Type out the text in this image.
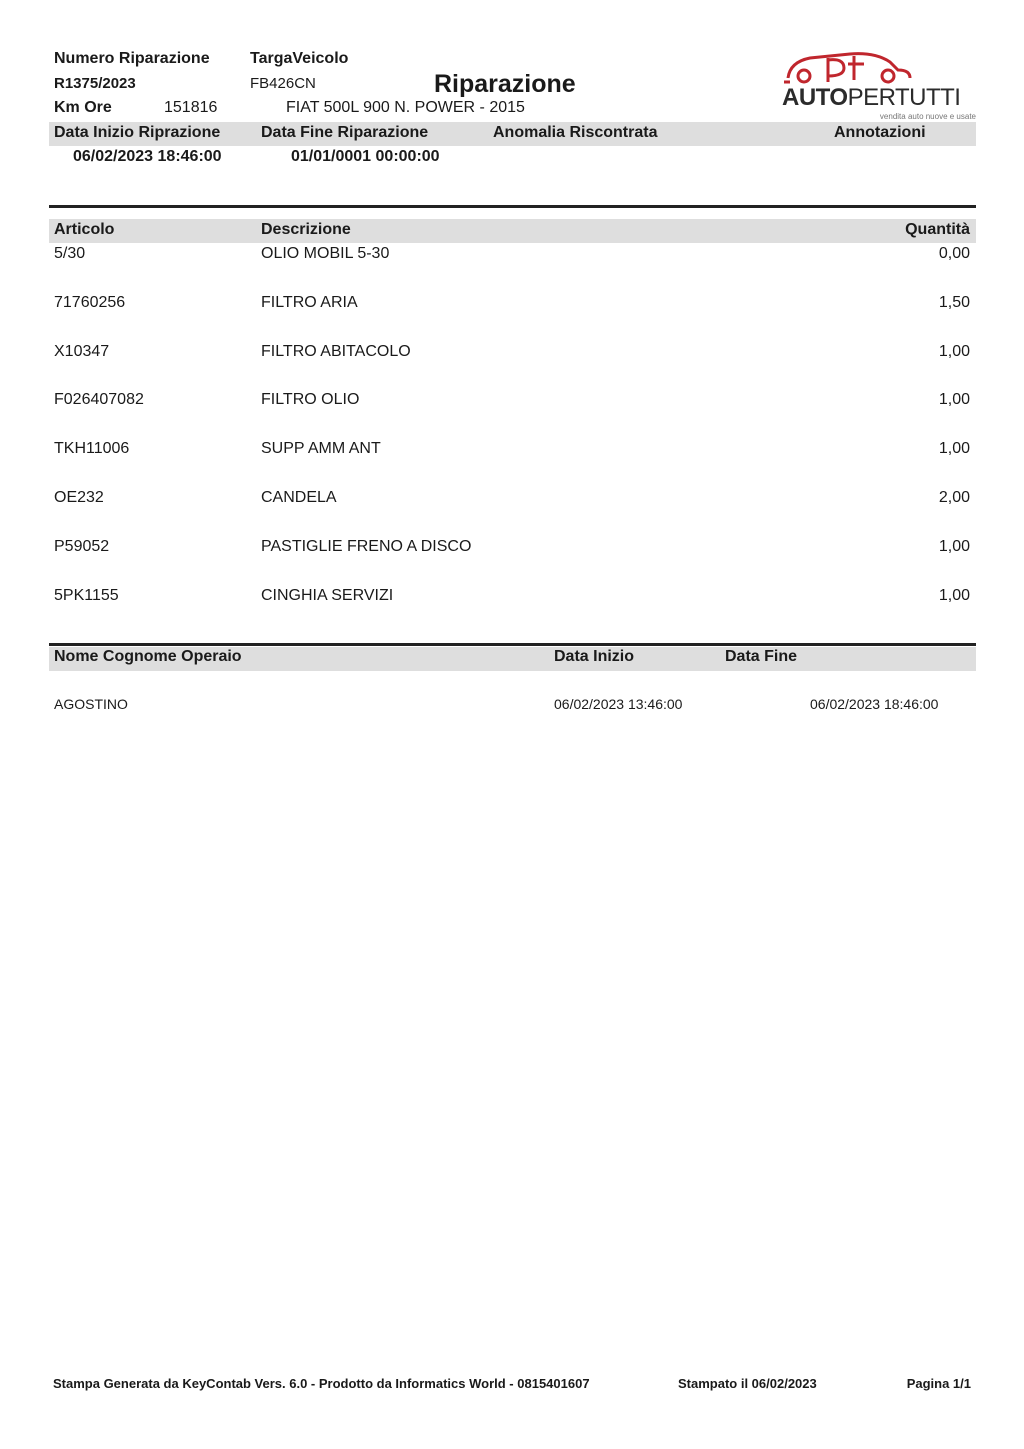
Numero Riparazione
R1375/2023
Km Ore	151816
TargaVeicolo
FB426CN	Riparazione
FIAT 500L 900 N. POWER - 2015	AUTOPERTUTTI
vendita auto nuove e usate
Data Inizio Riprazione	Data Fine Riparazione	Anomalia Riscontrata	Annotazioni
06/02/2023 18:46:00	01/01/0001 00:00:00
Articolo	Descrizione	Quantità
5/30	OLIO MOBIL 5-30	0,00
71760256	FILTRO ARIA	1,50
X10347	FILTRO ABITACOLO	1,00
F026407082	FILTRO OLIO	1,00
TKH11006	SUPP AMM ANT	1,00
OE232	CANDELA	2,00
P59052	PASTIGLIE FRENO A DISCO	1,00
5PK1155	CINGHIA SERVIZI	1,00
Nome Cognome Operaio	Data Inizio	Data Fine
AGOSTINO	06/02/2023 13:46:00	06/02/2023 18:46:00
Stampa Generata da KeyContab Vers. 6.0 - Prodotto da Informatics World - 0815401607	Stampato il 06/02/2023	Pagina 1/1
